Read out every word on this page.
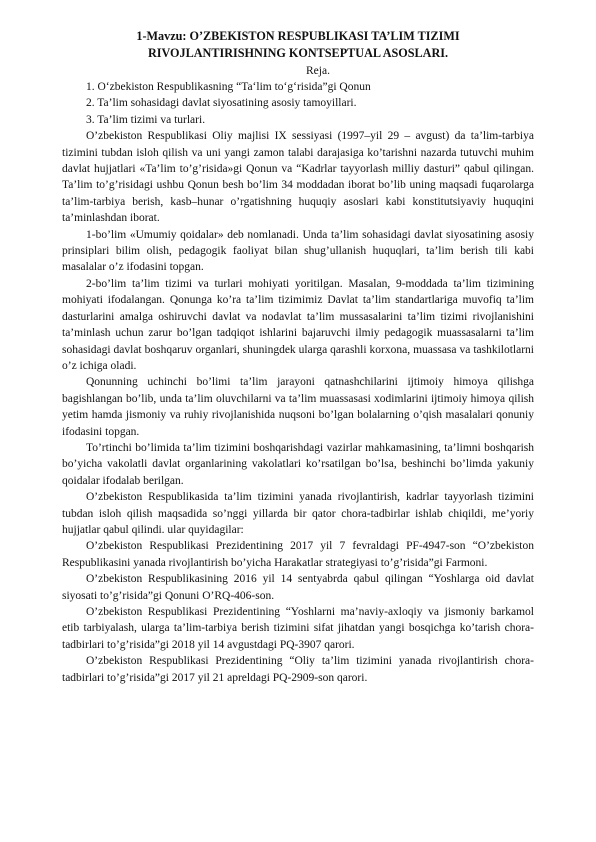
1-Mavzu: O’ZBEKISTON RESPUBLIKASI TA’LIM TIZIMI
RIVOJLANTIRISHNING KONTSEPTUAL ASOSLARI.
Reja.
1. O‘zbekiston Respublikasning “Ta‘lim to‘g‘risida”gi Qonun
2. Ta’lim sohasidagi davlat siyosatining asosiy tamoyillari.
3. Ta’lim tizimi va turlari.

O’zbekiston Respublikasi Oliy majlisi IX sessiyasi (1997–yil 29 – avgust) da ta’lim-tarbiya tizimini tubdan isloh qilish va uni yangi zamon talabi darajasiga ko’tarishni nazarda tutuvchi muhim davlat hujjatlari «Ta’lim to’g’risida»gi Qonun va “Kadrlar tayyorlash milliy dasturi” qabul qilingan. Ta’lim to’g’risidagi ushbu Qonun besh bo’lim 34 moddadan iborat bo’lib uning maqsadi fuqarolarga ta’lim-tarbiya berish, kasb–hunar o’rgatishning huquqiy asoslari kabi konstitutsiyaviy huquqini ta’minlashdan iborat.

1-bo’lim «Umumiy qoidalar» deb nomlanadi. Unda ta’lim sohasidagi davlat siyosatining asosiy prinsiplari bilim olish, pedagogik faoliyat bilan shug’ullanish huquqlari, ta’lim berish tili kabi masalalar o’z ifodasini topgan.

2-bo’lim ta’lim tizimi va turlari mohiyati yoritilgan. Masalan, 9-moddada ta’lim tizimining mohiyati ifodalangan. Qonunga ko’ra ta’lim tizimimiz Davlat ta’lim standartlariga muvofiq ta’lim dasturlarini amalga oshiruvchi davlat va nodavlat ta’lim mussasalarini ta’lim tizimi rivojlanishini ta’minlash uchun zarur bo’lgan tadqiqot ishlarini bajaruvchi ilmiy pedagogik muassasalarni ta’lim sohasidagi davlat boshqaruv organlari, shuningdek ularga qarashli korxona, muassasa va tashkilotlarni o’z ichiga oladi.

Qonunning uchinchi bo’limi ta’lim jarayoni qatnashchilarini ijtimoiy himoya qilishga bagishlangan bo’lib, unda ta’lim oluvchilarni va ta’lim muassasasi xodimlarini ijtimoiy himoya qilish yetim hamda jismoniy va ruhiy rivojlanishida nuqsoni bo’lgan bolalarning o’qish masalalari qonuniy ifodasini topgan.

To’rtinchi bo’limida ta’lim tizimini boshqarishdagi vazirlar mahkamasining, ta’limni boshqarish bo’yicha vakolatli davlat organlarining vakolatlari ko’rsatilgan bo’lsa, beshinchi bo’limda yakuniy qoidalar ifodalab berilgan.

O’zbekiston Respublikasida ta’lim tizimini yanada rivojlantirish, kadrlar tayyorlash tizimini tubdan isloh qilish maqsadida so’nggi yillarda bir qator chora-tadbirlar ishlab chiqildi, me’yoriy hujjatlar qabul qilindi. ular quyidagilar:

O’zbekiston Respublikasi Prezidentining 2017 yil 7 fevraldagi PF-4947-son “O’zbekiston Respublikasini yanada rivojlantirish bo’yicha Harakatlar strategiyasi to’g’risida”gi Farmoni.

O’zbekiston Respublikasining 2016 yil 14 sentyabrda qabul qilingan “Yoshlarga oid davlat siyosati to’g’risida”gi Qonuni O’RQ-406-son.

O’zbekiston Respublikasi Prezidentining “Yoshlarni ma’naviy-axloqiy va jismoniy barkamol etib tarbiyalash, ularga ta’lim-tarbiya berish tizimini sifat jihatdan yangi bosqichga ko’tarish chora-tadbirlari to’g’risida”gi 2018 yil 14 avgustdagi PQ-3907 qarori.

O’zbekiston Respublikasi Prezidentining “Oliy ta’lim tizimini yanada rivojlantirish chora-tadbirlari to’g’risida”gi 2017 yil 21 apreldagi PQ-2909-son qarori.
